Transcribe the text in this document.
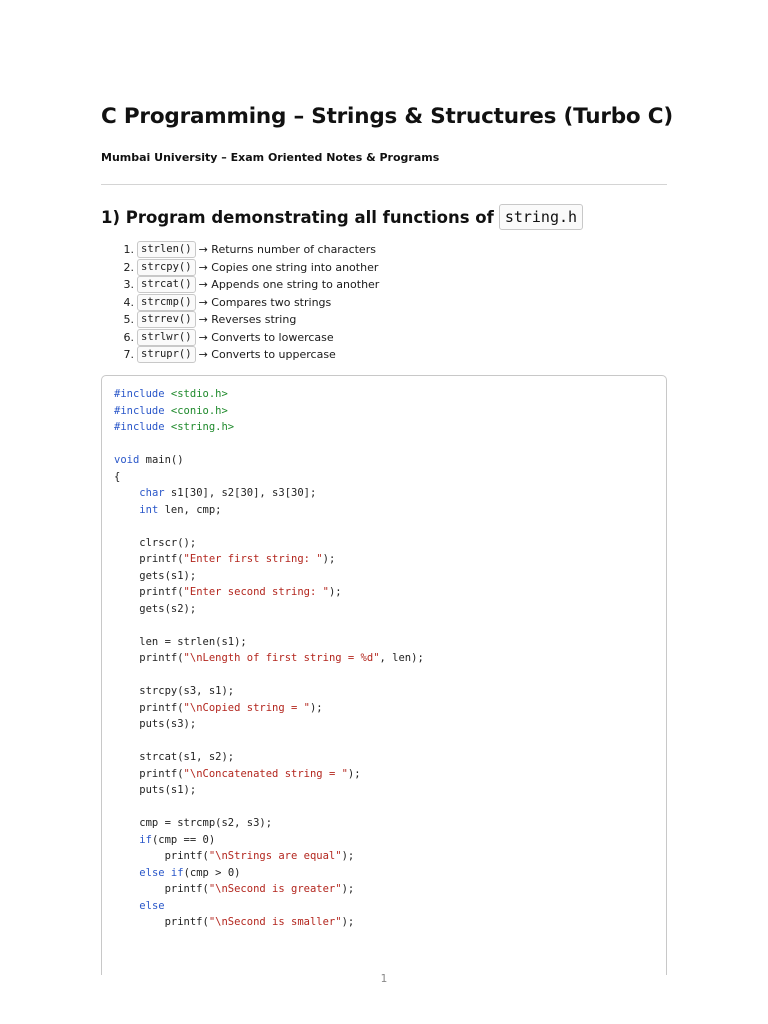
C Programming – Strings & Structures (Turbo C)

Mumbai University – Exam Oriented Notes & Programs

1) Program demonstrating all functions of string.h
1. strlen() → Returns number of characters
2. strcpy() → Copies one string into another
3. strcat() → Appends one string to another
4. strcmp() → Compares two strings
5. strrev() → Reverses string
6. strlwr() → Converts to lowercase
7. strupr() → Converts to uppercase
#include <stdio.h>
#include <conio.h>
#include <string.h>

void main()
{
char s1[30], s2[30], s3[30];
int len, cmp;

clrscr();
printf("Enter first string: ");
gets(s1);
printf("Enter second string: ");
gets(s2);

len = strlen(s1);
printf("\nLength of first string = %d", len);

strcpy(s3, s1);
printf("\nCopied string = ");
puts(s3);

strcat(s1, s2);
printf("\nConcatenated string = ");
puts(s1);

cmp = strcmp(s2, s3);
if(cmp == 0)
printf("\nStrings are equal");
else if(cmp > 0)
printf("\nSecond is greater");
else
printf("\nSecond is smaller");
1
